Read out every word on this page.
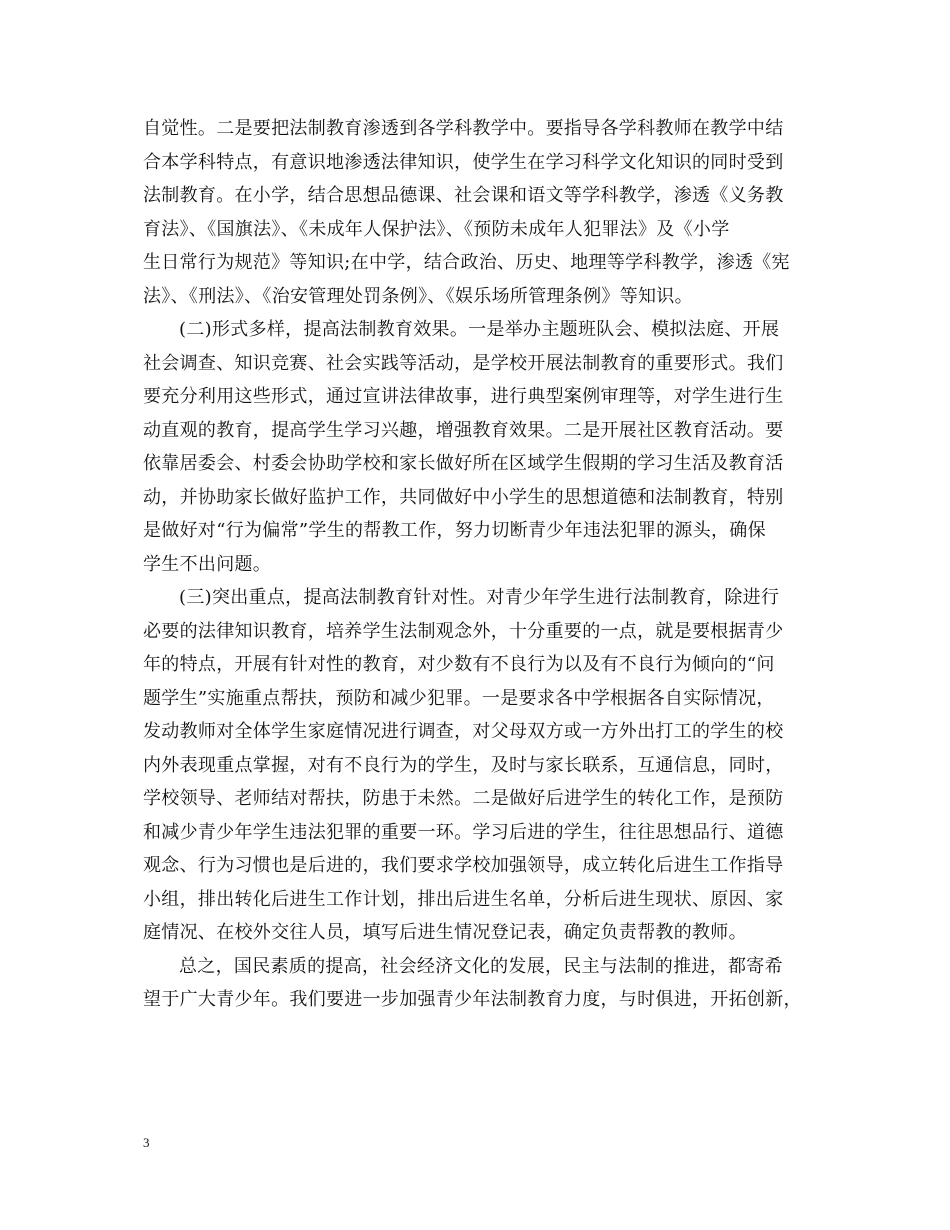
自觉性。二是要把法制教育渗透到各学科教学中。要指导各学科教师在教学中结
合本学科特点，有意识地渗透法律知识，使学生在学习科学文化知识的同时受到
法制教育。在小学，结合思想品德课、社会课和语文等学科教学，渗透《义务教
育法》、《国旗法》、《未成年人保护法》、《预防未成年人犯罪法》及《小学
生日常行为规范》等知识;在中学，结合政治、历史、地理等学科教学，渗透《宪
法》、《刑法》、《治安管理处罚条例》、《娱乐场所管理条例》等知识。
(二)形式多样，提高法制教育效果。一是举办主题班队会、模拟法庭、开展
社会调查、知识竞赛、社会实践等活动，是学校开展法制教育的重要形式。我们
要充分利用这些形式，通过宣讲法律故事，进行典型案例审理等，对学生进行生
动直观的教育，提高学生学习兴趣，增强教育效果。二是开展社区教育活动。要
依靠居委会、村委会协助学校和家长做好所在区域学生假期的学习生活及教育活
动，并协助家长做好监护工作，共同做好中小学生的思想道德和法制教育，特别
是做好对“行为偏常”学生的帮教工作，努力切断青少年违法犯罪的源头，确保
学生不出问题。
(三)突出重点，提高法制教育针对性。对青少年学生进行法制教育，除进行
必要的法律知识教育，培养学生法制观念外，十分重要的一点，就是要根据青少
年的特点，开展有针对性的教育，对少数有不良行为以及有不良行为倾向的“问
题学生”实施重点帮扶，预防和减少犯罪。一是要求各中学根据各自实际情况，
发动教师对全体学生家庭情况进行调查，对父母双方或一方外出打工的学生的校
内外表现重点掌握，对有不良行为的学生，及时与家长联系，互通信息，同时，
学校领导、老师结对帮扶，防患于未然。二是做好后进学生的转化工作，是预防
和减少青少年学生违法犯罪的重要一环。学习后进的学生，往往思想品行、道德
观念、行为习惯也是后进的，我们要求学校加强领导，成立转化后进生工作指导
小组，排出转化后进生工作计划，排出后进生名单，分析后进生现状、原因、家
庭情况、在校外交往人员，填写后进生情况登记表，确定负责帮教的教师。
总之，国民素质的提高，社会经济文化的发展，民主与法制的推进，都寄希
望于广大青少年。我们要进一步加强青少年法制教育力度，与时俱进，开拓创新，
3
